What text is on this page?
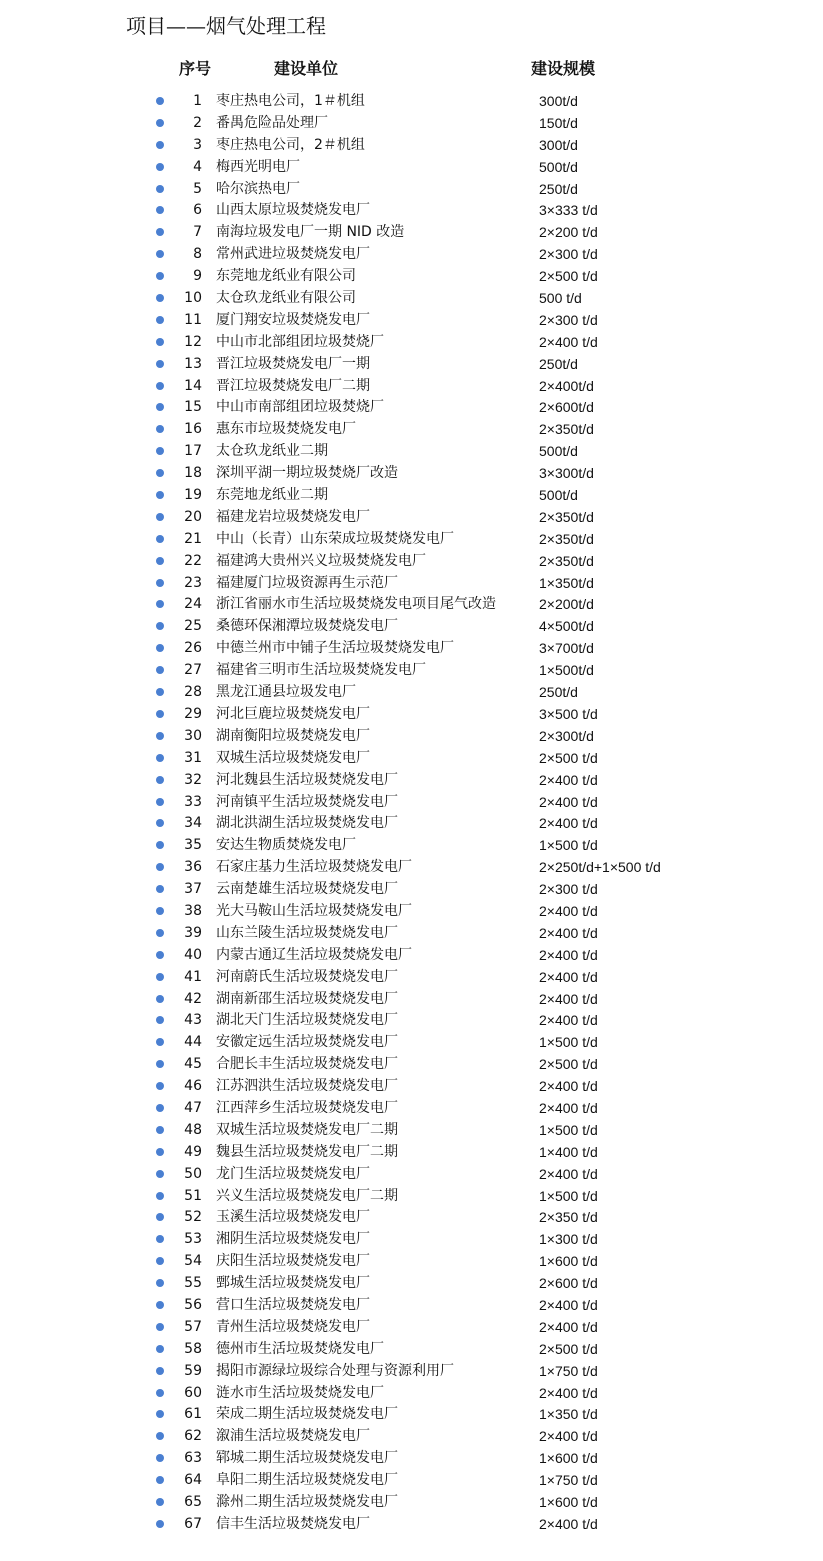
项目——烟气处理工程
序号	建设单位	建设规模
1 枣庄热电公司，1＃机组	300t/d
2 番禺危险品处理厂	150t/d
3 枣庄热电公司，2＃机组	300t/d
4 梅西光明电厂	500t/d
5 哈尔滨热电厂	250t/d
6 山西太原垃圾焚烧发电厂	3×333 t/d
7 南海垃圾发电厂一期 NID 改造	2×200 t/d
8 常州武进垃圾焚烧发电厂	2×300 t/d
9 东莞地龙纸业有限公司	2×500 t/d
10 太仓玖龙纸业有限公司	500 t/d
11 厦门翔安垃圾焚烧发电厂	2×300 t/d
12 中山市北部组团垃圾焚烧厂	2×400 t/d
13 晋江垃圾焚烧发电厂一期	250t/d
14 晋江垃圾焚烧发电厂二期	2×400t/d
15 中山市南部组团垃圾焚烧厂	2×600t/d
16 惠东市垃圾焚烧发电厂	2×350t/d
17 太仓玖龙纸业二期	500t/d
18 深圳平湖一期垃圾焚烧厂改造	3×300t/d
19 东莞地龙纸业二期	500t/d
20 福建龙岩垃圾焚烧发电厂	2×350t/d
21 中山（长青）山东荣成垃圾焚烧发电厂	2×350t/d
22 福建鸿大贵州兴义垃圾焚烧发电厂	2×350t/d
23 福建厦门垃圾资源再生示范厂	1×350t/d
24 浙江省丽水市生活垃圾焚烧发电项目尾气改造	2×200t/d
25 桑德环保湘潭垃圾焚烧发电厂	4×500t/d
26 中德兰州市中铺子生活垃圾焚烧发电厂	3×700t/d
27 福建省三明市生活垃圾焚烧发电厂	1×500t/d
28 黑龙江通县垃圾发电厂	250t/d
29 河北巨鹿垃圾焚烧发电厂	3×500 t/d
30 湖南衡阳垃圾焚烧发电厂	2×300t/d
31 双城生活垃圾焚烧发电厂	2×500 t/d
32 河北魏县生活垃圾焚烧发电厂	2×400 t/d
33 河南镇平生活垃圾焚烧发电厂	2×400 t/d
34 湖北洪湖生活垃圾焚烧发电厂	2×400 t/d
35 安达生物质焚烧发电厂	1×500 t/d
36 石家庄基力生活垃圾焚烧发电厂	2×250t/d+1×500 t/d
37 云南楚雄生活垃圾焚烧发电厂	2×300 t/d
38 光大马鞍山生活垃圾焚烧发电厂	2×400 t/d
39 山东兰陵生活垃圾焚烧发电厂	2×400 t/d
40 内蒙古通辽生活垃圾焚烧发电厂	2×400 t/d
41 河南蔚氏生活垃圾焚烧发电厂	2×400 t/d
42 湖南新邵生活垃圾焚烧发电厂	2×400 t/d
43 湖北天门生活垃圾焚烧发电厂	2×400 t/d
44 安徽定远生活垃圾焚烧发电厂	1×500 t/d
45 合肥长丰生活垃圾焚烧发电厂	2×500 t/d
46 江苏泗洪生活垃圾焚烧发电厂	2×400 t/d
47 江西萍乡生活垃圾焚烧发电厂	2×400 t/d
48 双城生活垃圾焚烧发电厂二期	1×500 t/d
49 魏县生活垃圾焚烧发电厂二期	1×400 t/d
50 龙门生活垃圾焚烧发电厂	2×400 t/d
51 兴义生活垃圾焚烧发电厂二期	1×500 t/d
52 玉溪生活垃圾焚烧发电厂	2×350 t/d
53 湘阴生活垃圾焚烧发电厂	1×300 t/d
54 庆阳生活垃圾焚烧发电厂	1×600 t/d
55 鄄城生活垃圾焚烧发电厂	2×600 t/d
56 营口生活垃圾焚烧发电厂	2×400 t/d
57 青州生活垃圾焚烧发电厂	2×400 t/d
58 德州市生活垃圾焚烧发电厂	2×500 t/d
59 揭阳市源绿垃圾综合处理与资源利用厂	1×750 t/d
60 涟水市生活垃圾焚烧发电厂	2×400 t/d
61 荣成二期生活垃圾焚烧发电厂	1×350 t/d
62 溆浦生活垃圾焚烧发电厂	2×400 t/d
63 郓城二期生活垃圾焚烧发电厂	1×600 t/d
64 阜阳二期生活垃圾焚烧发电厂	1×750 t/d
65 滁州二期生活垃圾焚烧发电厂	1×600 t/d
67 信丰生活垃圾焚烧发电厂	2×400 t/d
